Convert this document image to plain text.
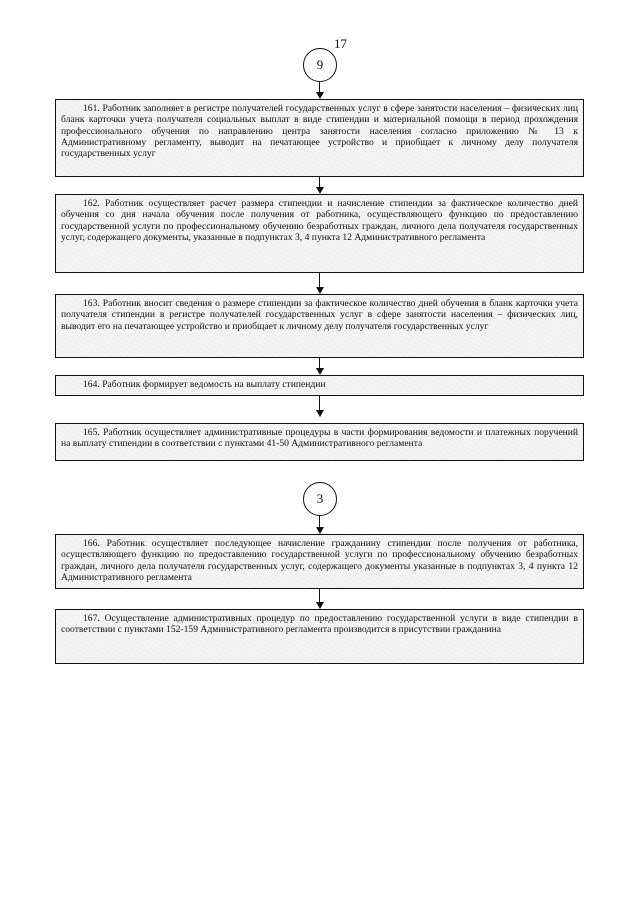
17
9
161. Работник заполняет в регистре получателей государственных услуг в сфере занятости населения – физических лиц бланк карточки учета получателя социальных выплат в виде стипендии и материальной помощи в период прохождения профессионального обучения по направлению центра занятости населения согласно приложению № 13 к Административному регламенту, выводит на печатающее устройство и приобщает к личному делу получателя государственных услуг
162. Работник осуществляет расчет размера стипендии и начисление стипендии за фактическое количество дней обучения со дня начала обучения после получения от работника, осуществляющего функцию по предоставлению государственной услуги по профессиональному обучению безработных граждан, личного дела получателя государственных услуг, содержащего документы, указанные в подпунктах 3, 4 пункта 12 Административного регламента
163. Работник вносит сведения о размере стипендии за фактическое количество дней обучения в бланк карточки учета получателя стипендии в регистре получателей государственных услуг в сфере занятости населения – физических лиц, выводит его на печатающее устройство и приобщает к личному делу получателя государственных услуг
164. Работник формирует ведомость на выплату стипендии
165. Работник осуществляет административные процедуры в части формирования ведомости и платежных поручений на выплату стипендии в соответствии с пунктами 41-50 Административного регламента
3
166. Работник осуществляет последующее начисление гражданину стипендии после получения от работника, осуществляющего функцию по предоставлению государственной услуги по профессиональному обучению безработных граждан, личного дела получателя государственных услуг, содержащего документы указанные в подпунктах 3, 4 пункта 12 Административного регламента
167. Осуществление административных процедур по предоставлению государственной услуги в виде стипендии в соответствии с пунктами 152-159 Административного регламента производится в присутствии гражданина
